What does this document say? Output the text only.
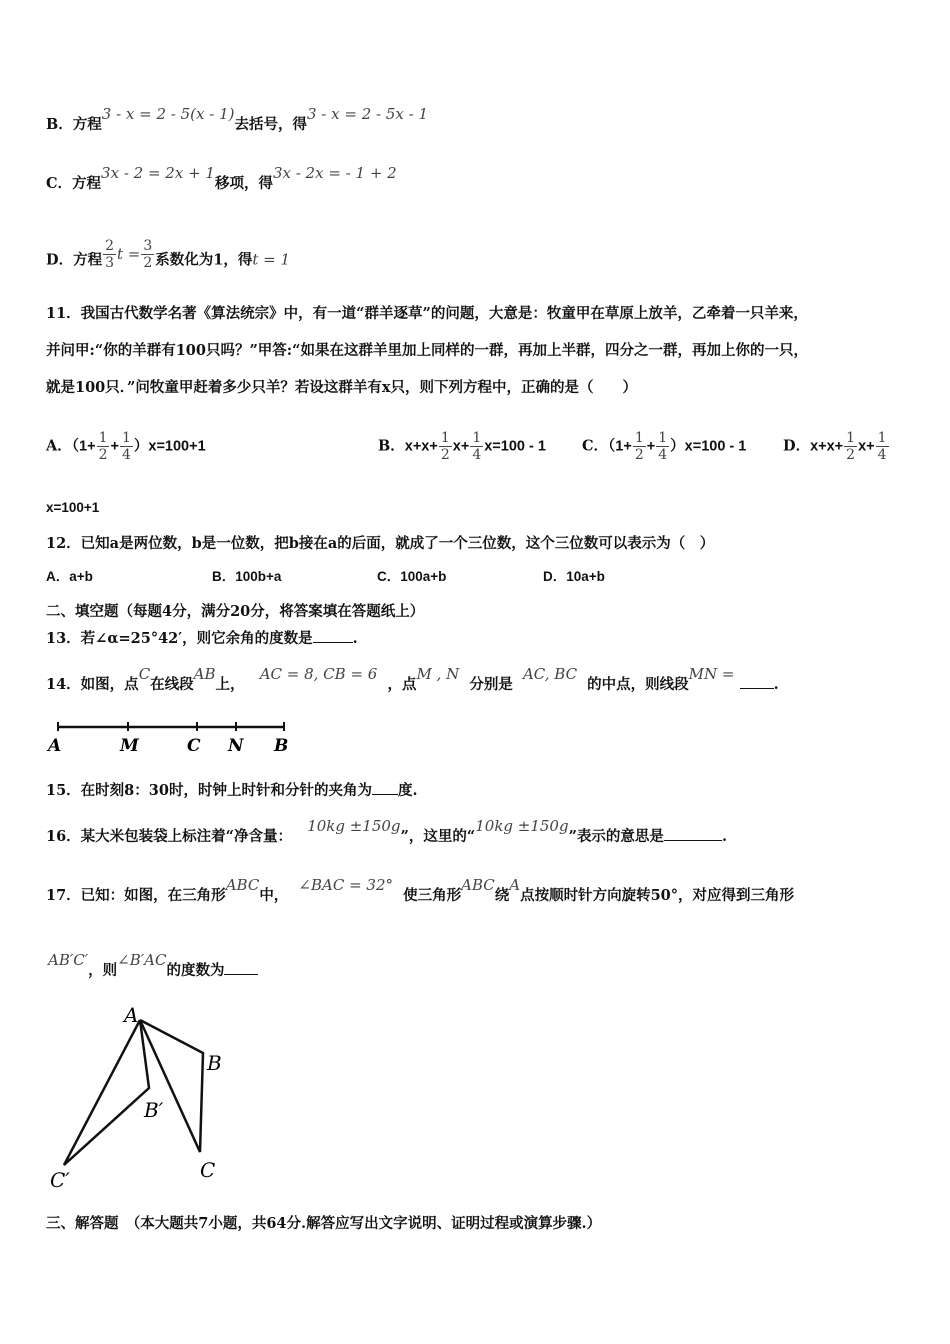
B．方程3 - x = 2 - 5(x - 1)去括号，得3 - x = 2 - 5x - 1
C．方程3x - 2 = 2x + 1移项，得3x - 2x = - 1 + 2
D．方程 $\frac{2}{3}$ $t = \frac{3}{2}$ 系数化为1，得t = 1
11．我国古代数学名著《算法统宗》中，有一道“群羊逐草”的问题，大意是：牧童甲在草原上放羊，乙牵着一只羊来，
并问甲:“你的羊群有100只吗？”甲答:“如果在这群羊里加上同样的一群，再加上半群，四分之一群，再加上你的一只，
就是100只．”问牧童甲赶着多少只羊？若设这群羊有x只，则下列方程中，正确的是（　　）
A．$(1+ \frac{1}{2} + \frac{1}{4} )x=100+1$	B．$x+x+ \frac{1}{2} x+ \frac{1}{4} x=100 - 1$ C．$(1+ \frac{1}{2} + \frac{1}{4} )x=100 - 1$	D．$x+x+ \frac{1}{2} x+ \frac{1}{4}$
x=100+1
12．已知a是两位数，b是一位数，把b接在a的后面，就成了一个三位数，这个三位数可以表示为（　）
A．a+b	B．100b+a	C．100a+b	D．10a+b
二、填空题（每题4分，满分20分，将答案填在答题纸上）
13．若∠α=25°42′，则它余角的度数是	.
14．如图，点C在线段AB上，   AC = 8, CB = 6  ，点M , N  分别是  AC, BC  的中点，则线段MN = .
A	M	C N B
15．在时刻8：30时，时钟上时针和分针的夹角为 度.
16．某大米包装袋上标注着“净含量：   10kg ±150g”，这里的“10kg ±150g”表示的意思是	.
17．已知：如图，在三角形ABC中，  ∠BAC = 32°  使三角形ABC绕A点按顺时针方向旋转50°，对应得到三角形
AB′C′，则∠B′AC的度数为
A
B
B′
C
C′
三、解答题　（本大题共7小题，共64分.解答应写出文字说明、证明过程或演算步骤.）
